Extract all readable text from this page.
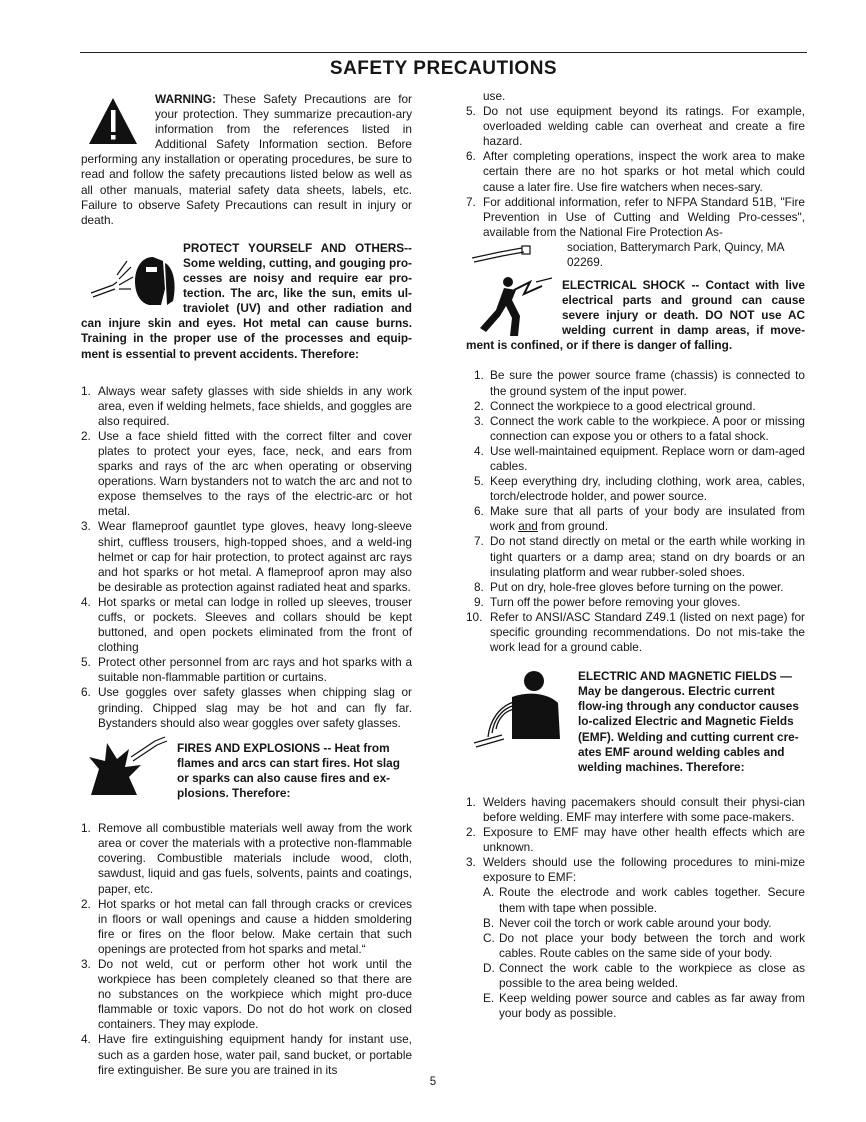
SAFETY PRECAUTIONS

WARNING: These Safety Precautions are for your protection. They summarize precaution-ary information from the references listed in Additional Safety Information section. Before performing any installation or operating procedures, be sure to read and follow the safety precautions listed below as well as all other manuals, material safety data sheets, labels, etc. Failure to observe Safety Precautions can result in injury or death.

PROTECT YOURSELF AND OTHERS-- Some welding, cutting, and gouging pro-cesses are noisy and require ear pro-tection. The arc, like the sun, emits ul-traviolet (UV) and other radiation and can injure skin and eyes. Hot metal can cause burns. Training in the proper use of the processes and equip-ment is essential to prevent accidents. Therefore:

1. Always wear safety glasses with side shields in any work area, even if welding helmets, face shields, and goggles are also required.
2. Use a face shield fitted with the correct filter and cover plates to protect your eyes, face, neck, and ears from sparks and rays of the arc when operating or observing operations. Warn bystanders not to watch the arc and not to expose themselves to the rays of the electric-arc or hot metal.
3. Wear flameproof gauntlet type gloves, heavy long-sleeve shirt, cuffless trousers, high-topped shoes, and a weld-ing helmet or cap for hair protection, to protect against arc rays and hot sparks or hot metal. A flameproof apron may also be desirable as protection against radiated heat and sparks.
4. Hot sparks or metal can lodge in rolled up sleeves, trouser cuffs, or pockets. Sleeves and collars should be kept buttoned, and open pockets eliminated from the front of clothing
5. Protect other personnel from arc rays and hot sparks with a suitable non-flammable partition or curtains.
6. Use goggles over safety glasses when chipping slag or grinding. Chipped slag may be hot and can fly far. Bystanders should also wear goggles over safety glasses.

FIRES AND EXPLOSIONS -- Heat from flames and arcs can start fires. Hot slag or sparks can also cause fires and ex-plosions. Therefore:

1. Remove all combustible materials well away from the work area or cover the materials with a protective non-flammable covering. Combustible materials include wood, cloth, sawdust, liquid and gas fuels, solvents, paints and coatings, paper, etc.
2. Hot sparks or hot metal can fall through cracks or crevices in floors or wall openings and cause a hidden smoldering fire or fires on the floor below. Make certain that such openings are protected from hot sparks and metal.“
3. Do not weld, cut or perform other hot work until the workpiece has been completely cleaned so that there are no substances on the workpiece which might pro-duce flammable or toxic vapors. Do not do hot work on closed containers. They may explode.
4. Have fire extinguishing equipment handy for instant use, such as a garden hose, water pail, sand bucket, or portable fire extinguisher. Be sure you are trained in its

use.

5. Do not use equipment beyond its ratings. For example, overloaded welding cable can overheat and create a fire hazard.
6. After completing operations, inspect the work area to make certain there are no hot sparks or hot metal which could cause a later fire. Use fire watchers when neces-sary.
7. For additional information, refer to NFPA Standard 51B, "Fire Prevention in Use of Cutting and Welding Pro-cesses", available from the National Fire Protection As-

sociation, Batterymarch Park, Quincy, MA 02269.

ELECTRICAL SHOCK -- Contact with live electrical parts and ground can cause severe injury or death. DO NOT use AC welding current in damp areas, if move-ment is confined, or if there is danger of falling.

1. Be sure the power source frame (chassis) is connected to the ground system of the input power.
2. Connect the workpiece to a good electrical ground.
3. Connect the work cable to the workpiece. A poor or missing connection can expose you or others to a fatal shock.
4. Use well-maintained equipment. Replace worn or dam-aged cables.
5. Keep everything dry, including clothing, work area, cables, torch/electrode holder, and power source.
6. Make sure that all parts of your body are insulated from work and from ground.
7. Do not stand directly on metal or the earth while working in tight quarters or a damp area; stand on dry boards or an insulating platform and wear rubber-soled shoes.
8. Put on dry, hole-free gloves before turning on the power.
9. Turn off the power before removing your gloves.
10. Refer to ANSI/ASC Standard Z49.1 (listed on next page) for specific grounding recommendations. Do not mis-take the work lead for a ground cable.

ELECTRIC AND MAGNETIC FIELDS — May be dangerous. Electric current flow-ing through any conductor causes lo-calized Electric and Magnetic Fields (EMF). Welding and cutting current cre-ates EMF around welding cables and welding machines. Therefore:

1. Welders having pacemakers should consult their physi-cian before welding. EMF may interfere with some pace-makers.
2. Exposure to EMF may have other health effects which are unknown.
3. Welders should use the following procedures to mini-mize exposure to EMF:
A. Route the electrode and work cables together. Secure them with tape when possible.
B. Never coil the torch or work cable around your body.
C. Do not place your body between the torch and work cables. Route cables on the same side of your body.
D. Connect the work cable to the workpiece as close as possible to the area being welded.
E. Keep welding power source and cables as far away from your body as possible.
5
